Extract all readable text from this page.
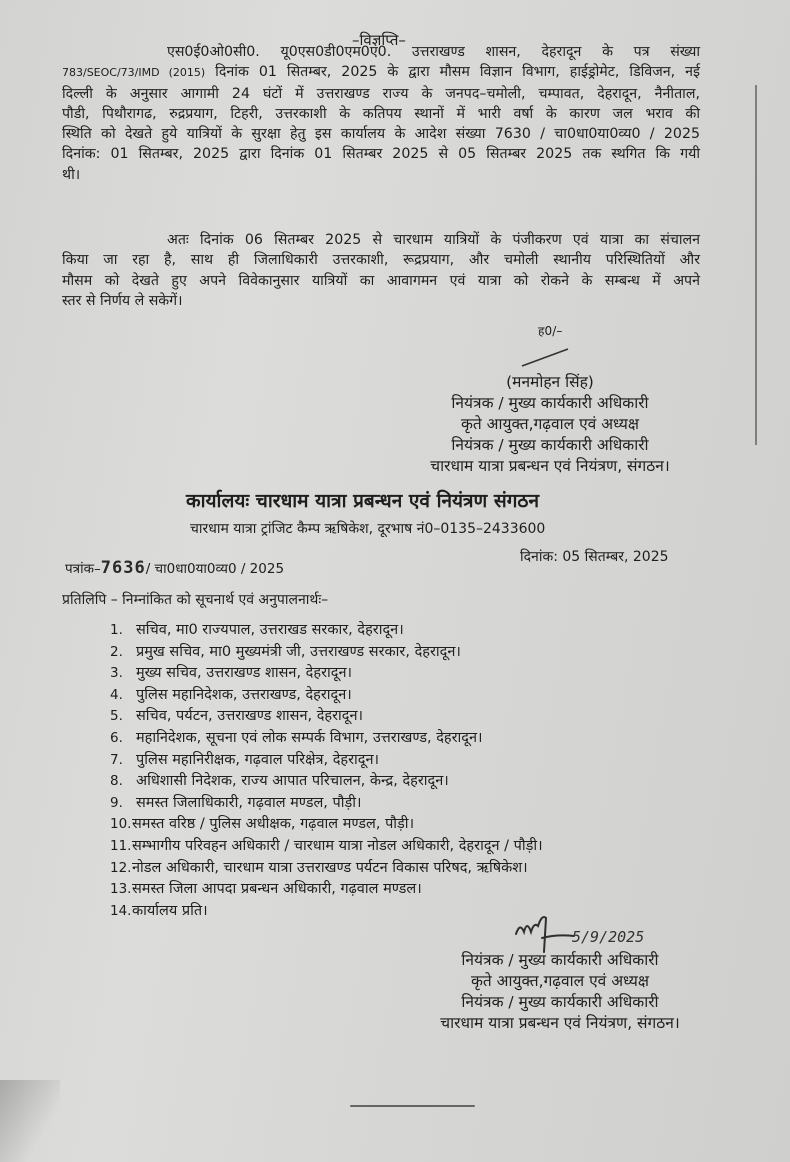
–विज्ञप्ति–
एस0ई0ओ0सी0. यू0एस0डी0एम0ए0. उत्तराखण्ड शासन, देहरादून के पत्र संख्या
783/SEOC/73/IMD (2015) दिनांक 01 सितम्बर, 2025 के द्वारा मौसम विज्ञान विभाग, हाईड्रोमेट, डिविजन, नई
दिल्ली के अनुसार आगामी 24 घंटों में उत्तराखण्ड राज्य के जनपद–चमोली, चम्पावत, देहरादून, नैनीताल,
पौडी, पिथौरागढ, रुद्रप्रयाग, टिहरी, उत्तरकाशी के कतिपय स्थानों में भारी वर्षा के कारण जल भराव की
स्थिति को देखते हुये यात्रियों के सुरक्षा हेतु इस कार्यालय के आदेश संख्या 7630 / चा0धा0या0व्य0 / 2025
दिनांक: 01 सितम्बर, 2025 द्वारा दिनांक 01 सितम्बर 2025 से 05 सितम्बर 2025 तक स्थगित कि गयी
थी।
अतः दिनांक 06 सितम्बर 2025 से चारधाम यात्रियों के पंजीकरण एवं यात्रा का संचालन
किया जा रहा है, साथ ही जिलाधिकारी उत्तरकाशी, रूद्रप्रयाग, और चमोली स्थानीय परिस्थितियों और
मौसम को देखते हुए अपने विवेकानुसार यात्रियों का आवागमन एवं यात्रा को रोकने के सम्बन्ध में अपने
स्तर से निर्णय ले सकेगें।
ह0/–
(मनमोहन सिंह)
नियंत्रक / मुख्य कार्यकारी अधिकारी
कृते आयुक्त,गढ़वाल एवं अध्यक्ष
नियंत्रक / मुख्य कार्यकारी अधिकारी
चारधाम यात्रा प्रबन्धन एवं नियंत्रण, संगठन।
कार्यालयः चारधाम यात्रा प्रबन्धन एवं नियंत्रण संगठन
चारधाम यात्रा ट्रांजिट कैम्प ऋषिकेश, दूरभाष नं0–0135–2433600
पत्रांक–7636/ चा0धा0या0व्य0 / 2025
दिनांक: 05 सितम्बर, 2025
प्रतिलिपि – निम्नांकित को सूचनार्थ एवं अनुपालनार्थः–
1. सचिव, मा0 राज्यपाल, उत्तराखड सरकार, देहरादून।
2. प्रमुख सचिव, मा0 मुख्यमंत्री जी, उत्तराखण्ड सरकार, देहरादून।
3. मुख्य सचिव, उत्तराखण्ड शासन, देहरादून।
4. पुलिस महानिदेशक, उत्तराखण्ड, देहरादून।
5. सचिव, पर्यटन, उत्तराखण्ड शासन, देहरादून।
6. महानिदेशक, सूचना एवं लोक सम्पर्क विभाग, उत्तराखण्ड, देहरादून।
7. पुलिस महानिरीक्षक, गढ़वाल परिक्षेत्र, देहरादून।
8. अधिशासी निदेशक, राज्य आपात परिचालन, केन्द्र, देहरादून।
9. समस्त जिलाधिकारी, गढ़वाल मण्डल, पौड़ी।
10.समस्त वरिष्ठ / पुलिस अधीक्षक, गढ़वाल मण्डल, पौड़ी।
11.सम्भागीय परिवहन अधिकारी / चारधाम यात्रा नोडल अधिकारी, देहरादून / पौड़ी।
12.नोडल अधिकारी, चारधाम यात्रा उत्तराखण्ड पर्यटन विकास परिषद, ऋषिकेश।
13.समस्त जिला आपदा प्रबन्धन अधिकारी, गढ़वाल मण्डल।
14.कार्यालय प्रति।
5/9/2025
नियंत्रक / मुख्य कार्यकारी अधिकारी
कृते आयुक्त,गढ़वाल एवं अध्यक्ष
नियंत्रक / मुख्य कार्यकारी अधिकारी
चारधाम यात्रा प्रबन्धन एवं नियंत्रण, संगठन।
